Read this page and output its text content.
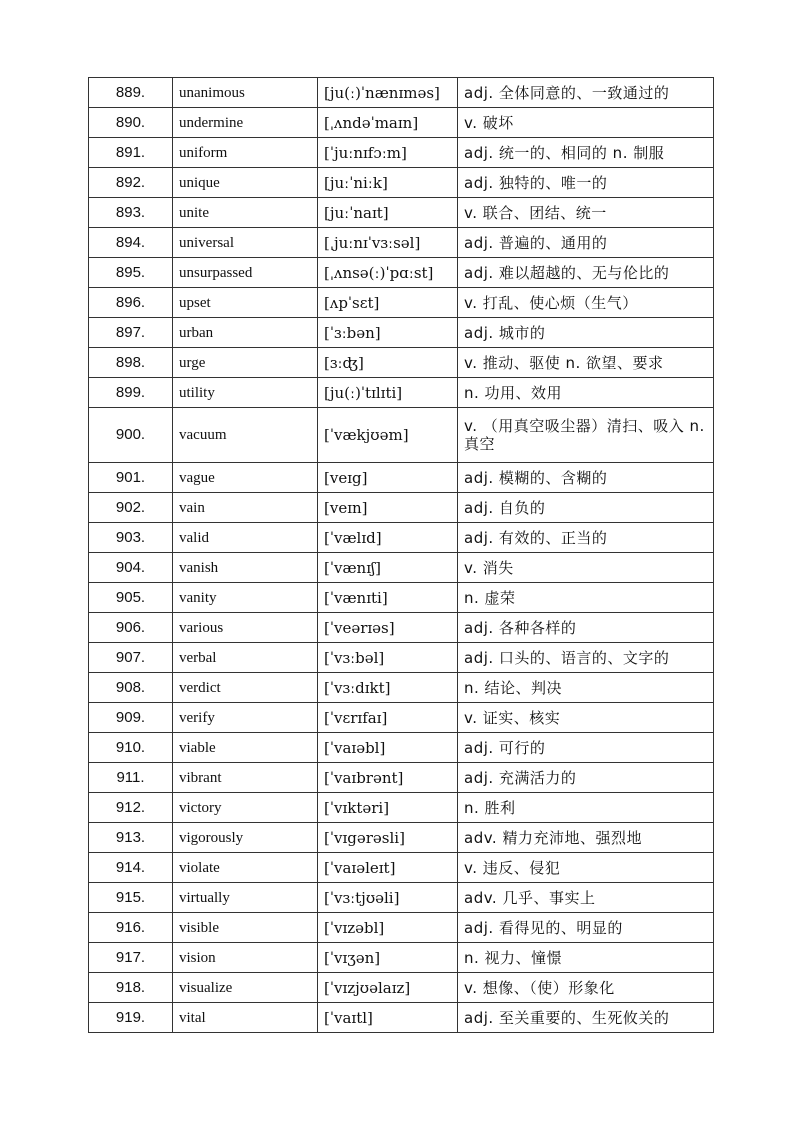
889.	unanimous	[ju(ː)ˈnænɪməs]	adj. 全体同意的、一致通过的
890.	undermine	[ˌʌndəˈmaɪn]	v. 破坏
891.	uniform	[ˈjuːnɪfɔːm]	adj. 统一的、相同的 n. 制服
892.	unique	[juːˈniːk]	adj. 独特的、唯一的
893.	unite	[juːˈnaɪt]	v. 联合、团结、统一
894.	universal	[ˌjuːnɪˈvɜːsəl]	adj. 普遍的、通用的
895.	unsurpassed	[ˌʌnsə(ː)ˈpɑːst]	adj. 难以超越的、无与伦比的
896.	upset	[ʌpˈsɛt]	v. 打乱、使心烦（生气）
897.	urban	[ˈɜːbən]	adj. 城市的
898.	urge	[ɜːʤ]	v. 推动、驱使 n. 欲望、要求
899.	utility	[ju(ː)ˈtɪlɪti]	n. 功用、效用
900.	vacuum	[ˈvækjʊəm]	v. （用真空吸尘器）清扫、吸入 n. 真空
901.	vague	[veɪg]	adj. 模糊的、含糊的
902.	vain	[veɪn]	adj. 自负的
903.	valid	[ˈvælɪd]	adj. 有效的、正当的
904.	vanish	[ˈvænɪʃ]	v. 消失
905.	vanity	[ˈvænɪti]	n. 虚荣
906.	various	[ˈveərɪəs]	adj. 各种各样的
907.	verbal	[ˈvɜːbəl]	adj. 口头的、语言的、文字的
908.	verdict	[ˈvɜːdɪkt]	n. 结论、判决
909.	verify	[ˈvɛrɪfaɪ]	v. 证实、核实
910.	viable	[ˈvaɪəbl]	adj. 可行的
911.	vibrant	[ˈvaɪbrənt]	adj. 充满活力的
912.	victory	[ˈvɪktəri]	n. 胜利
913.	vigorously	[ˈvɪgərəsli]	adv. 精力充沛地、强烈地
914.	violate	[ˈvaɪəleɪt]	v. 违反、侵犯
915.	virtually	[ˈvɜːtjʊəli]	adv. 几乎、事实上
916.	visible	[ˈvɪzəbl]	adj. 看得见的、明显的
917.	vision	[ˈvɪʒən]	n. 视力、憧憬
918.	visualize	[ˈvɪzjʊəlaɪz]	v. 想像、（使）形象化
919.	vital	[ˈvaɪtl]	adj. 至关重要的、生死攸关的
